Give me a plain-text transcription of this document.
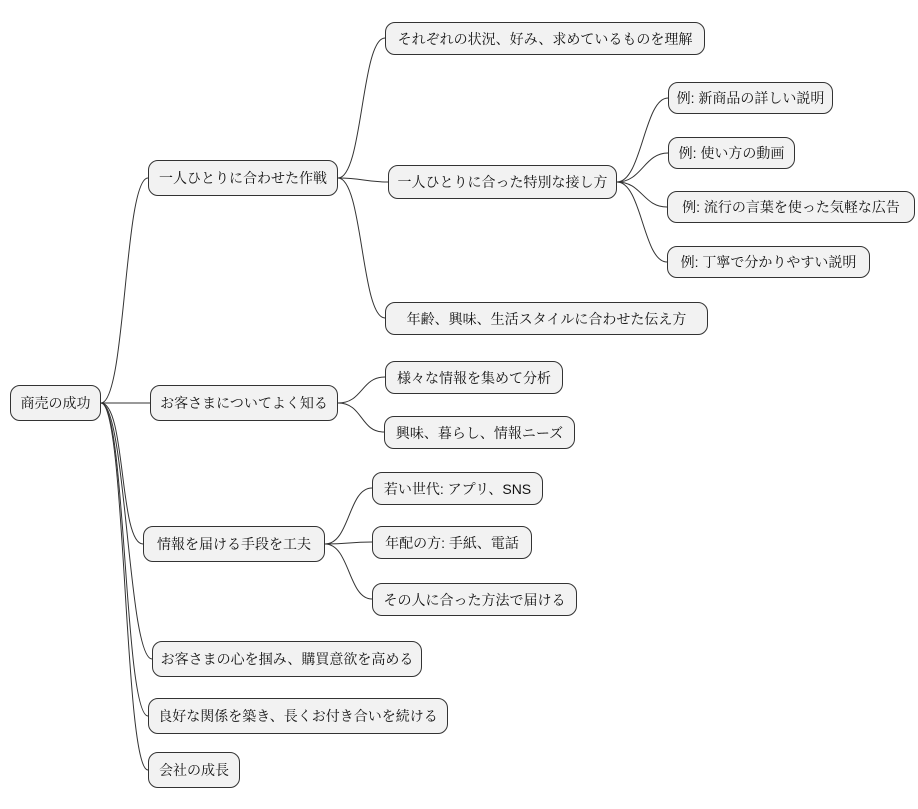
商売の成功
一人ひとりに合わせた作戦
それぞれの状況、好み、求めているものを理解
一人ひとりに合った特別な接し方
例: 新商品の詳しい説明
例: 使い方の動画
例: 流行の言葉を使った気軽な広告
例: 丁寧で分かりやすい説明
年齢、興味、生活スタイルに合わせた伝え方
お客さまについてよく知る
様々な情報を集めて分析
興味、暮らし、情報ニーズ
情報を届ける手段を工夫
若い世代: アプリ、SNS
年配の方: 手紙、電話
その人に合った方法で届ける
お客さまの心を掴み、購買意欲を高める
良好な関係を築き、長くお付き合いを続ける
会社の成長
